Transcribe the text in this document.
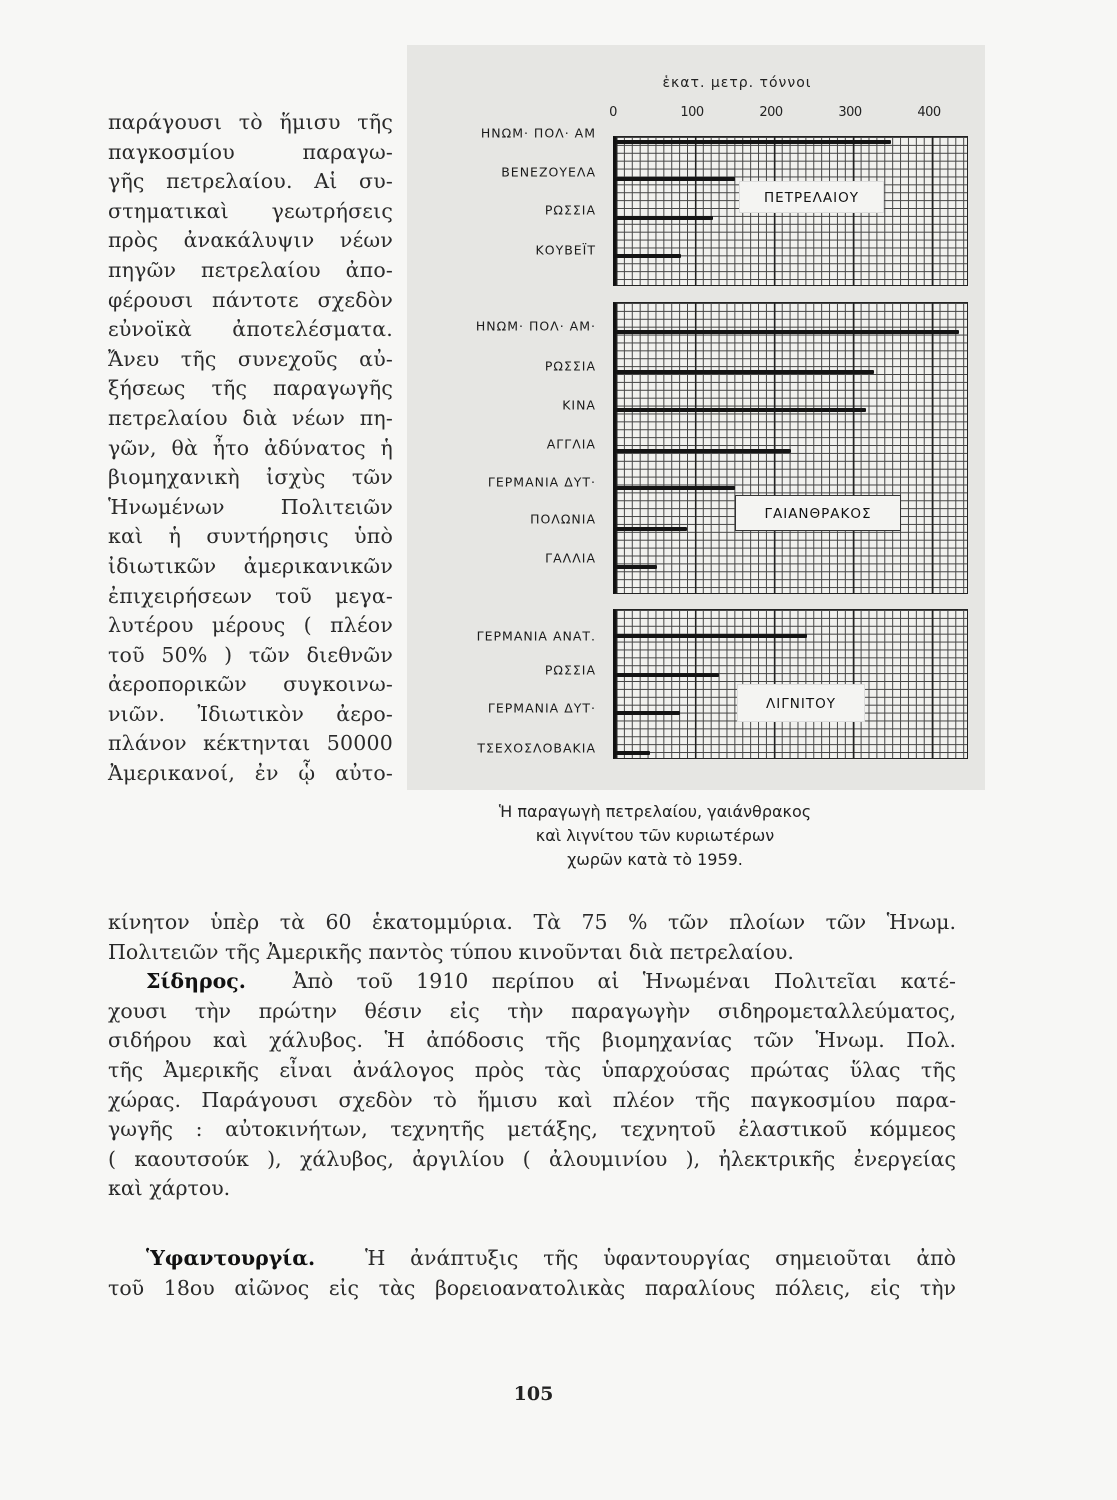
παράγουσι τὸ ἥμισυ τῆς
παγκοσμίου παραγω-
γῆς πετρελαίου. Αἱ συ-
στηματικαὶ γεωτρήσεις
πρὸς ἀνακάλυψιν νέων
πηγῶν πετρελαίου ἀπο-
φέρουσι πάντοτε σχεδὸν
εὐνοϊκὰ ἀποτελέσματα.
Ἄνευ τῆς συνεχοῦς αὐ-
ξήσεως τῆς παραγωγῆς
πετρελαίου διὰ νέων πη-
γῶν, θὰ ἦτο ἀδύνατος ἡ
βιομηχανικὴ ἰσχὺς τῶν
Ἡνωμένων Πολιτειῶν
καὶ ἡ συντήρησις ὑπὸ
ἰδιωτικῶν ἀμερικανικῶν
ἐπιχειρήσεων τοῦ μεγα-
λυτέρου μέρους ( πλέον
τοῦ 50% ) τῶν διεθνῶν
ἀεροπορικῶν συγκοινω-
νιῶν. Ἰδιωτικὸν ἀερο-
πλάνον κέκτηνται 50000
Ἀμερικανοί, ἐν ᾧ αὐτο-
ἑκατ. μετρ. τόννοι
0	100	200	300	400
ΗΝΩΜ· ΠΟΛ· ΑΜ
ΒΕΝΕΖΟΥΕΛΑ
ΡΩΣΣΙΑ
ΚΟΥΒΕΪΤ
ΗΝΩΜ· ΠΟΛ· ΑΜ·
ΡΩΣΣΙΑ
ΚΙΝΑ
ΑΓΓΛΙΑ
ΓΕΡΜΑΝΙΑ ΔΥΤ·
ΠΟΛΩΝΙΑ
ΓΑΛΛΙΑ
ΓΕΡΜΑΝΙΑ ΑΝΑΤ.
ΡΩΣΣΙΑ
ΓΕΡΜΑΝΙΑ ΔΥΤ·
ΤΣΕΧΟΣΛΟΒΑΚΙΑ
ΠΕΤΡΕΛΑΙΟΥ
ΓΑΙΑΝΘΡΑΚΟΣ
ΛΙΓΝΙΤΟΥ
Ἡ παραγωγὴ πετρελαίου, γαιάνθρακος
καὶ λιγνίτου τῶν κυριωτέρων
χωρῶν κατὰ τὸ 1959.
κίνητον ὑπὲρ τὰ 60 ἑκατομμύρια. Τὰ 75 % τῶν πλοίων τῶν Ἡνωμ.
Πολιτειῶν τῆς Ἀμερικῆς παντὸς τύπου κινοῦνται διὰ πετρελαίου.
Σίδηρος. Ἀπὸ τοῦ 1910 περίπου αἱ Ἡνωμέναι Πολιτεῖαι κατέ-
χουσι τὴν πρώτην θέσιν εἰς τὴν παραγωγὴν σιδηρομεταλλεύματος,
σιδήρου καὶ χάλυβος. Ἡ ἀπόδοσις τῆς βιομηχανίας τῶν Ἡνωμ. Πολ.
τῆς Ἀμερικῆς εἶναι ἀνάλογος πρὸς τὰς ὑπαρχούσας πρώτας ὕλας τῆς
χώρας. Παράγουσι σχεδὸν τὸ ἥμισυ καὶ πλέον τῆς παγκοσμίου παρα-
γωγῆς : αὐτοκινήτων, τεχνητῆς μετάξης, τεχνητοῦ ἐλαστικοῦ κόμμεος
( καουτσούκ ), χάλυβος, ἀργιλίου ( ἀλουμινίου ), ἠλεκτρικῆς ἐνεργείας
καὶ χάρτου.
Ὑφαντουργία. Ἡ ἀνάπτυξις τῆς ὑφαντουργίας σημειοῦται ἀπὸ
τοῦ 18ου αἰῶνος εἰς τὰς βορειοανατολικὰς παραλίους πόλεις, εἰς τὴν
105
